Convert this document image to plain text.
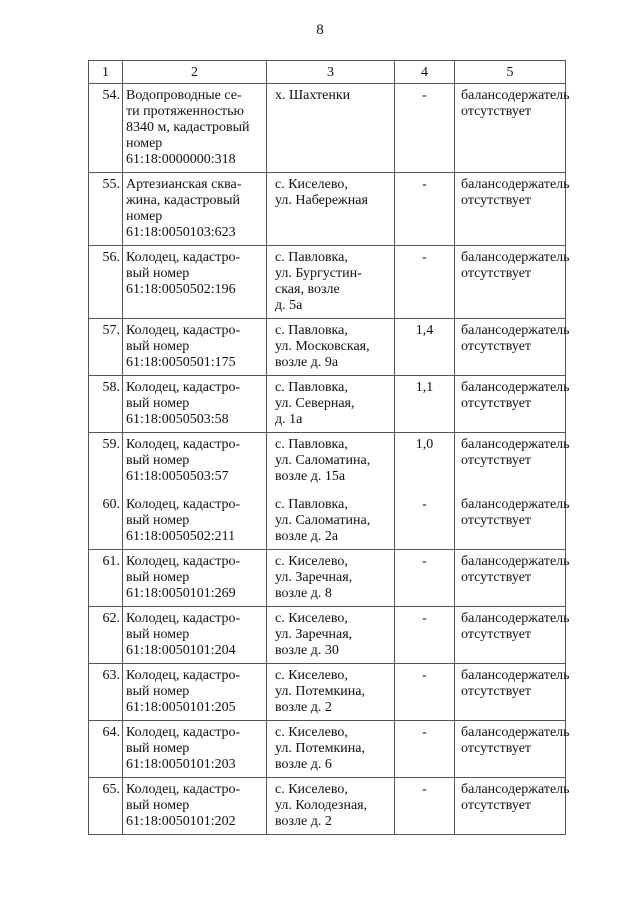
8
1	2	3	4	5
54.	Водопроводные се-
ти протяженностью
8340 м, кадастровый
номер
61:18:0000000:318	х. Шахтенки	-	балансодержатель
отсутствует

55.	Артезианская сква-
жина, кадастровый
номер
61:18:0050103:623	с. Киселево,
ул. Набережная	-	балансодержатель
отсутствует

56.	Колодец, кадастро-
вый номер
61:18:0050502:196	с. Павловка,
ул. Бургустин-
ская, возле
д. 5а	-	балансодержатель
отсутствует

57.	Колодец, кадастро-
вый номер
61:18:0050501:175	с. Павловка,
ул. Московская,
возле д. 9а	1,4	балансодержатель
отсутствует

58.	Колодец, кадастро-
вый номер
61:18:0050503:58	с. Павловка,
ул. Северная,
д. 1а	1,1	балансодержатель
отсутствует

59.	Колодец, кадастро-
вый номер
61:18:0050503:57	с. Павловка,
ул. Саломатина,
возле д. 15а	1,0	балансодержатель
отсутствует

60.	Колодец, кадастро-
вый номер
61:18:0050502:211	с. Павловка,
ул. Саломатина,
возле д. 2а	-	балансодержатель
отсутствует

61.	Колодец, кадастро-
вый номер
61:18:0050101:269	с. Киселево,
ул. Заречная,
возле д. 8	-	балансодержатель
отсутствует

62.	Колодец, кадастро-
вый номер
61:18:0050101:204	с. Киселево,
ул. Заречная,
возле д. 30	-	балансодержатель
отсутствует

63.	Колодец, кадастро-
вый номер
61:18:0050101:205	с. Киселево,
ул. Потемкина,
возле д. 2	-	балансодержатель
отсутствует

64.	Колодец, кадастро-
вый номер
61:18:0050101:203	с. Киселево,
ул. Потемкина,
возле д. 6	-	балансодержатель
отсутствует

65.	Колодец, кадастро-
вый номер
61:18:0050101:202	с. Киселево,
ул. Колодезная,
возле д. 2	-	балансодержатель
отсутствует
